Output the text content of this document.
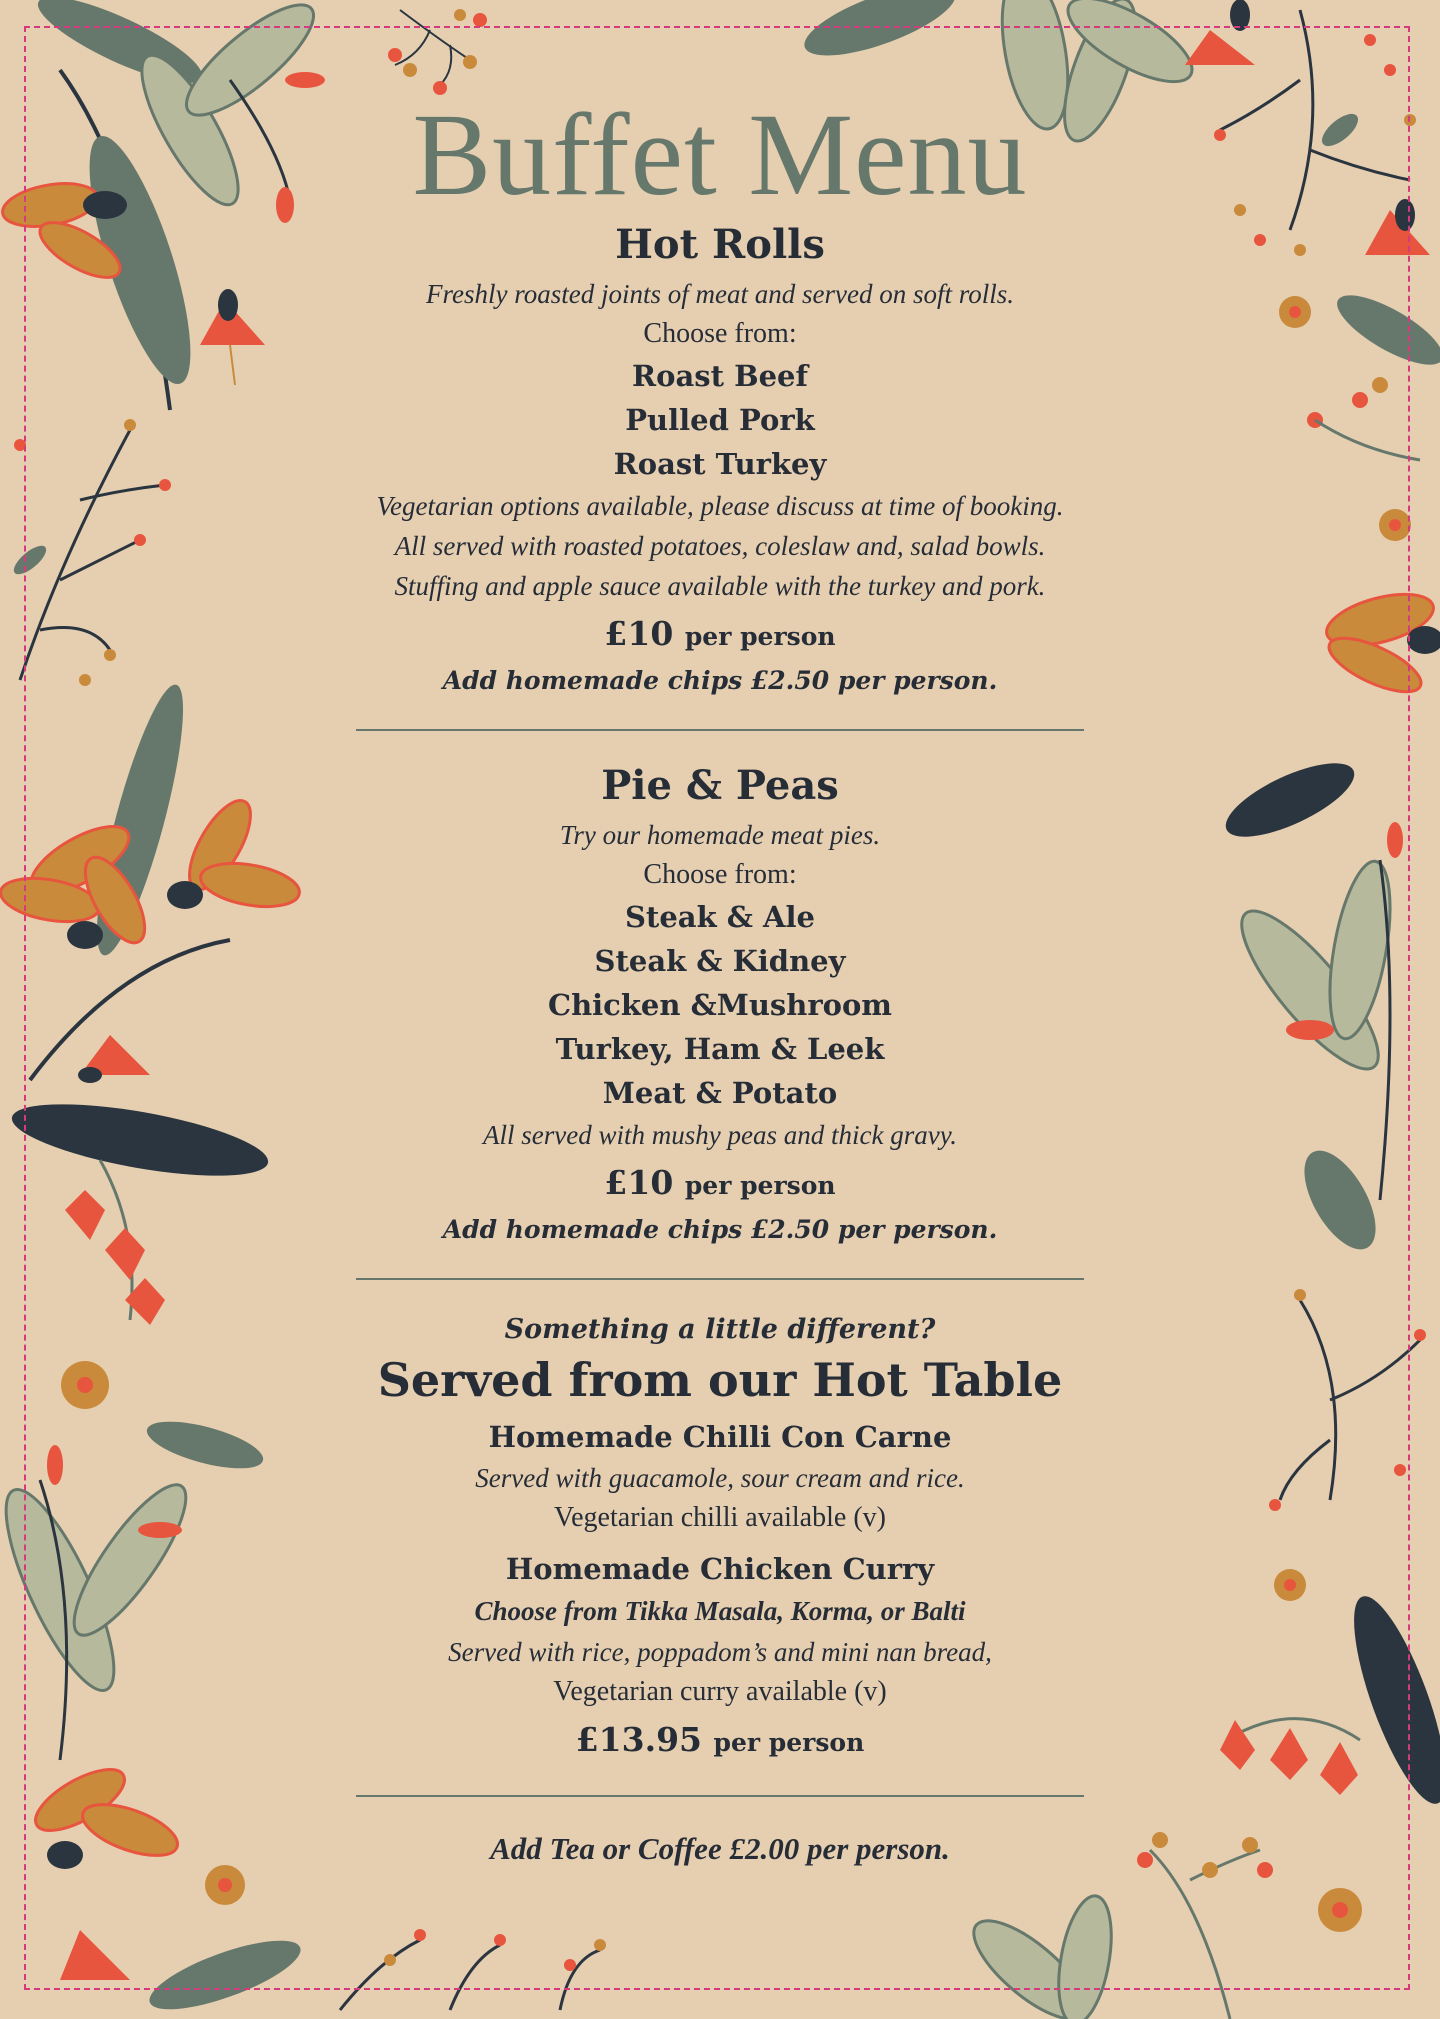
Buffet Menu
Hot Rolls

Freshly roasted joints of meat and served on soft rolls.

Choose from:

Roast Beef

Pulled Pork

Roast Turkey

Vegetarian options available, please discuss at time of booking.

All served with roasted potatoes, coleslaw and, salad bowls.

Stuffing and apple sauce available with the turkey and pork.

£10 per person

Add homemade chips £2.50 per person.

Pie & Peas

Try our homemade meat pies.

Choose from:

Steak & Ale

Steak & Kidney

Chicken &Mushroom

Turkey, Ham & Leek

Meat & Potato

All served with mushy peas and thick gravy.

£10 per person

Add homemade chips £2.50 per person.

Something a little different?

Served from our Hot Table

Homemade Chilli Con Carne

Served with guacamole, sour cream and rice.

Vegetarian chilli available (v)

Homemade Chicken Curry

Choose from Tikka Masala, Korma, or Balti

Served with rice, poppadom’s and mini nan bread,

Vegetarian curry available (v)

£13.95 per person

Add Tea or Coffee £2.00 per person.
